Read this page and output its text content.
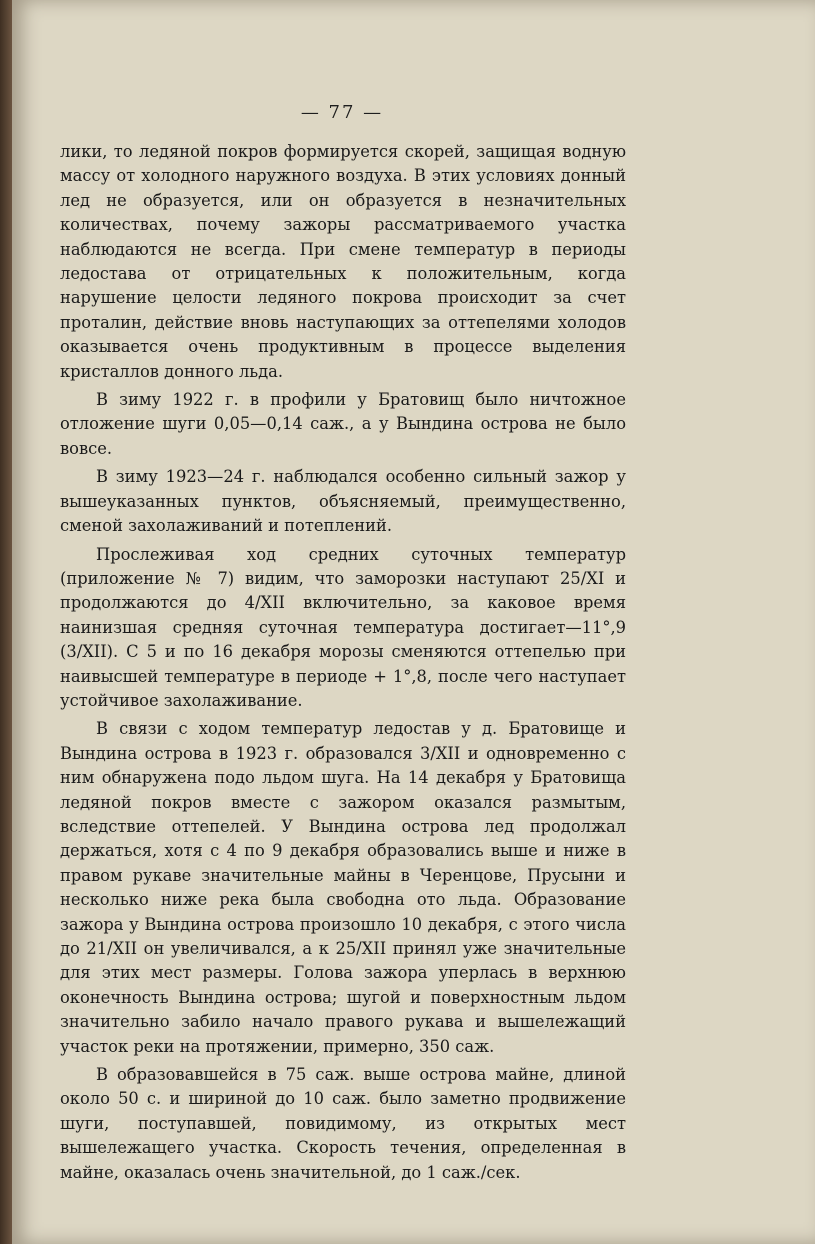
— 77 —

лики, то ледяной покров формируется скорей, защищая водную массу от холодного наружного воздуха. В этих условиях донный лед не образуется, или он образуется в незначительных количествах, почему зажоры рассматриваемого участка наблюдаются не всегда. При смене температур в периоды ледостава от отрицательных к положительным, когда нарушение целости ледяного покрова происходит за счет проталин, действие вновь наступающих за оттепелями холодов оказывается очень продуктивным в процессе выделения кристаллов донного льда.

В зиму 1922 г. в профили у Братовищ было ничтожное отложение шуги 0,05—0,14 саж., а у Вындина острова не было вовсе.

В зиму 1923—24 г. наблюдался особенно сильный зажор у вышеуказанных пунктов, объясняемый, преимущественно, сменой захолаживаний и потеплений.

Прослеживая ход средних суточных температур (приложение № 7) видим, что заморозки наступают 25/XI и продолжаются до 4/XII включительно, за каковое время наинизшая средняя суточная температура достигает—11°,9 (3/XII). С 5 и по 16 декабря морозы сменяются оттепелью при наивысшей температуре в периоде + 1°,8, после чего наступает устойчивое захолаживание.

В связи с ходом температур ледостав у д. Братовище и Вындина острова в 1923 г. образовался 3/XII и одновременно с ним обнаружена подо льдом шуга. На 14 декабря у Братовища ледяной покров вместе с зажором оказался размытым, вследствие оттепелей. У Вындина острова лед продолжал держаться, хотя с 4 по 9 декабря образовались выше и ниже в правом рукаве значительные майны в Черенцове, Прусыни и несколько ниже река была свободна ото льда. Образование зажора у Вындина острова произошло 10 декабря, с этого числа до 21/XII он увеличивался, а к 25/XII принял уже значительные для этих мест размеры. Голова зажора уперлась в верхнюю оконечность Вындина острова; шугой и поверхностным льдом значительно забило начало правого рукава и вышележащий участок реки на протяжении, примерно, 350 саж.

В образовавшейся в 75 саж. выше острова майне, длиной около 50 с. и шириной до 10 саж. было заметно продвижение шуги, поступавшей, повидимому, из открытых мест вышележащего участка. Скорость течения, определенная в майне, оказалась очень значительной, до 1 саж./сек.
